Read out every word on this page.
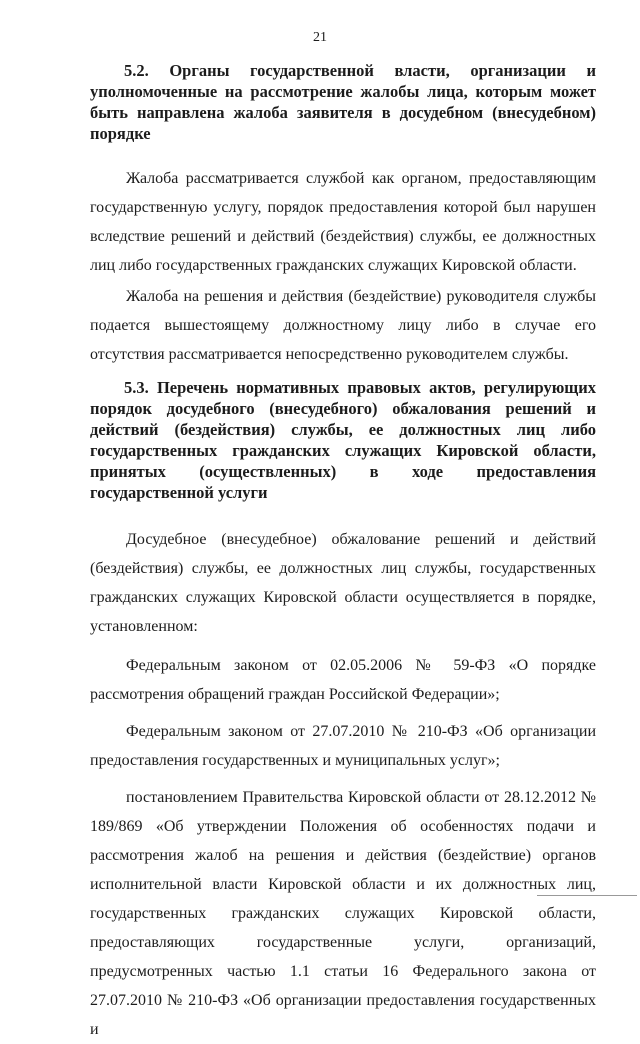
21

5.2. Органы государственной власти, организации и уполномоченные на рассмотрение жалобы лица, которым может быть направлена жалоба заявителя в досудебном (внесудебном) порядке

Жалоба рассматривается службой как органом, предоставляющим государственную услугу, порядок предоставления которой был нарушен вследствие решений и действий (бездействия) службы, ее должностных лиц либо государственных гражданских служащих Кировской области.

Жалоба на решения и действия (бездействие) руководителя службы подается вышестоящему должностному лицу либо в случае его отсутствия рассматривается непосредственно руководителем службы.

5.3. Перечень нормативных правовых актов, регулирующих порядок досудебного (внесудебного) обжалования решений и действий (бездействия) службы, ее должностных лиц либо государственных гражданских служащих Кировской области, принятых (осуществленных) в ходе предоставления государственной услуги

Досудебное (внесудебное) обжалование решений и действий (бездействия) службы, ее должностных лиц службы, государственных гражданских служащих Кировской области осуществляется в порядке, установленном:

Федеральным законом от 02.05.2006 № 59-ФЗ «О порядке рассмотрения обращений граждан Российской Федерации»;

Федеральным законом от 27.07.2010 № 210-ФЗ «Об организации предоставления государственных и муниципальных услуг»;

постановлением Правительства Кировской области от 28.12.2012 № 189/869 «Об утверждении Положения об особенностях подачи и рассмотрения жалоб на решения и действия (бездействие) органов исполнительной власти Кировской области и их должностных лиц, государственных гражданских служащих Кировской области, предоставляющих государственные услуги, организаций, предусмотренных частью 1.1 статьи 16 Федерального закона от 27.07.2010 № 210-ФЗ «Об организации предоставления государственных и
